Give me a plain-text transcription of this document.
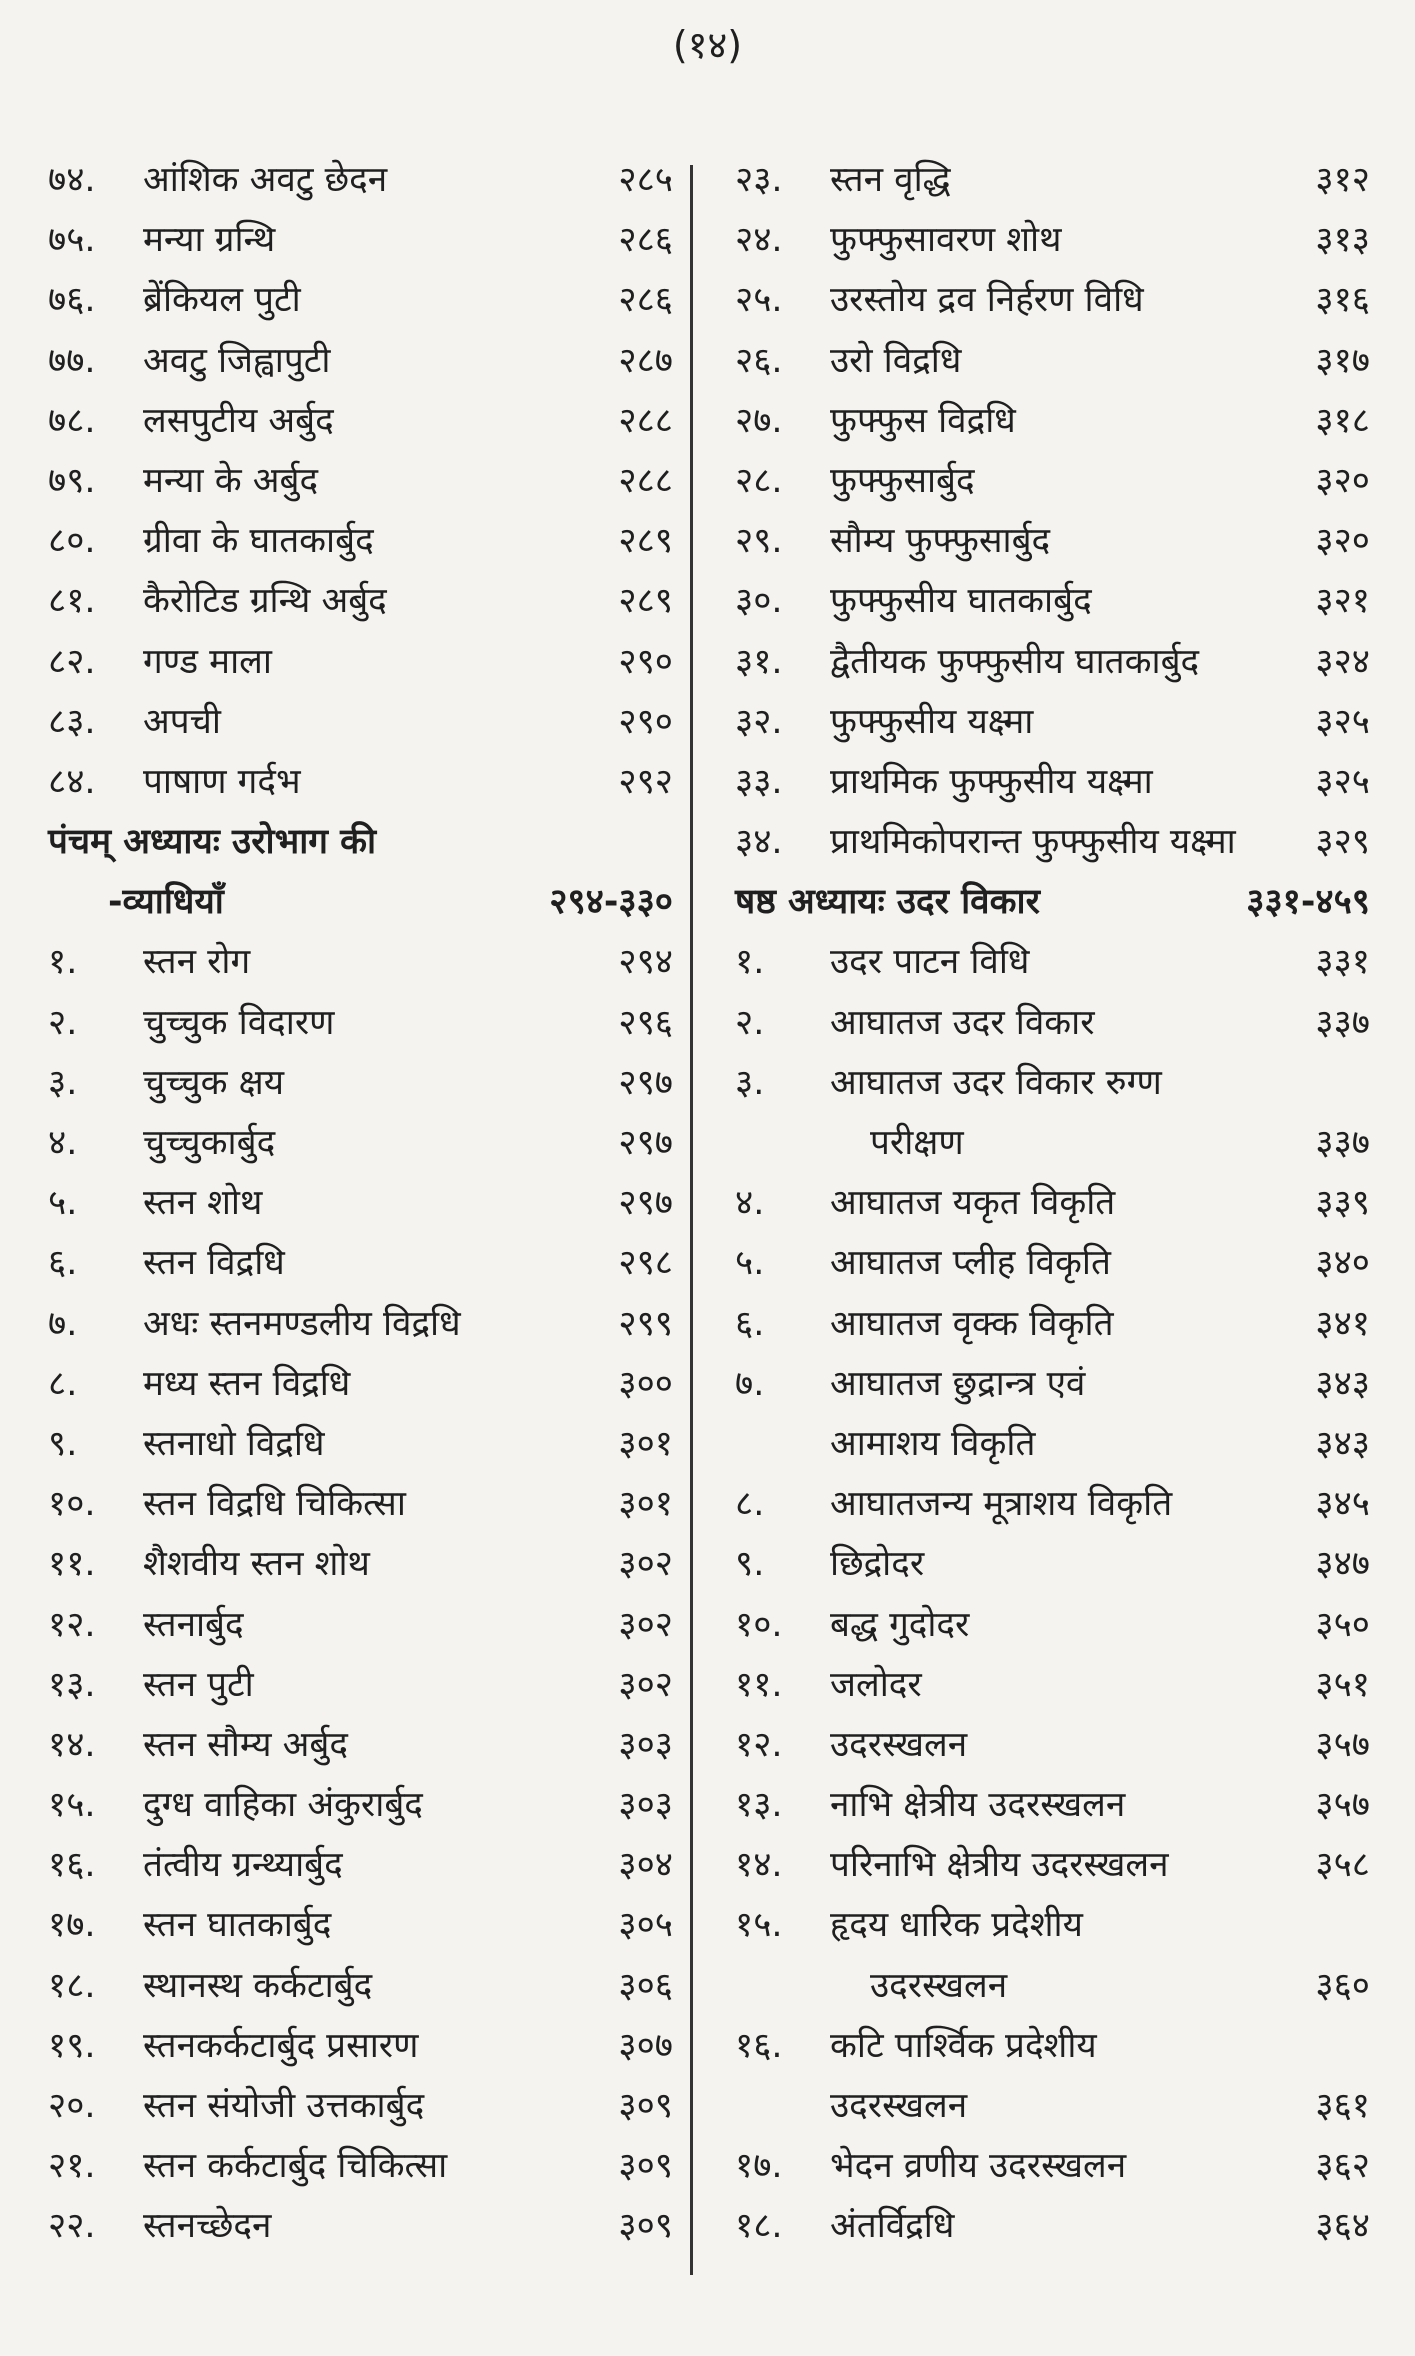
(१४)
७४.	आंशिक अवटु छेदन	२८५
७५.	मन्या ग्रन्थि	२८६
७६.	ब्रेंकियल पुटी	२८६
७७.	अवटु जिह्वापुटी	२८७
७८.	लसपुटीय अर्बुद	२८८
७९.	मन्या के अर्बुद	२८८
८०.	ग्रीवा के घातकार्बुद	२८९
८१.	कैरोटिड ग्रन्थि अर्बुद	२८९
८२.	गण्ड माला	२९०
८३.	अपची	२९०
८४.	पाषाण गर्दभ	२९२
पंचम् अध्यायः उरोभाग की
-व्याधियाँ	२९४-३३०
१.	स्तन रोग	२९४
२.	चुच्चुक विदारण	२९६
३.	चुच्चुक क्षय	२९७
४.	चुच्चुकार्बुद	२९७
५.	स्तन शोथ	२९७
६.	स्तन विद्रधि	२९८
७.	अधः स्तनमण्डलीय विद्रधि	२९९
८.	मध्य स्तन विद्रधि	३००
९.	स्तनाधो विद्रधि	३०१
१०.	स्तन विद्रधि चिकित्सा	३०१
११.	शैशवीय स्तन शोथ	३०२
१२.	स्तनार्बुद	३०२
१३.	स्तन पुटी	३०२
१४.	स्तन सौम्य अर्बुद	३०३
१५.	दुग्ध वाहिका अंकुरार्बुद	३०३
१६.	तंत्वीय ग्रन्थ्यार्बुद	३०४
१७.	स्तन घातकार्बुद	३०५
१८.	स्थानस्थ कर्कटार्बुद	३०६
१९.	स्तनकर्कटार्बुद प्रसारण	३०७
२०.	स्तन संयोजी उत्तकार्बुद	३०९
२१.	स्तन कर्कटार्बुद चिकित्सा	३०९
२२.	स्तनच्छेदन	३०९
२३.	स्तन वृद्धि	३१२
२४.	फुफ्फुसावरण शोथ	३१३
२५.	उरस्तोय द्रव निर्हरण विधि	३१६
२६.	उरो विद्रधि	३१७
२७.	फुफ्फुस विद्रधि	३१८
२८.	फुफ्फुसार्बुद	३२०
२९.	सौम्य फुफ्फुसार्बुद	३२०
३०.	फुफ्फुसीय घातकार्बुद	३२१
३१.	द्वैतीयक फुफ्फुसीय घातकार्बुद	३२४
३२.	फुफ्फुसीय यक्ष्मा	३२५
३३.	प्राथमिक फुफ्फुसीय यक्ष्मा	३२५
३४.	प्राथमिकोपरान्त फुफ्फुसीय यक्ष्मा	३२९
षष्ठ अध्यायः उदर विकार	३३१-४५९
१.	उदर पाटन विधि	३३१
२.	आघातज उदर विकार	३३७
३.	आघातज उदर विकार रुग्ण
परीक्षण	३३७
४.	आघातज यकृत विकृति	३३९
५.	आघातज प्लीह विकृति	३४०
६.	आघातज वृक्क विकृति	३४१
७.	आघातज छुद्रान्त्र एवं	३४३
आमाशय विकृति	३४३
८.	आघातजन्य मूत्राशय विकृति	३४५
९.	छिद्रोदर	३४७
१०.	बद्ध गुदोदर	३५०
११.	जलोदर	३५१
१२.	उदरस्खलन	३५७
१३.	नाभि क्षेत्रीय उदरस्खलन	३५७
१४.	परिनाभि क्षेत्रीय उदरस्खलन	३५८
१५.	हृदय धारिक प्रदेशीय
उदरस्खलन	३६०
१६.	कटि पार्श्विक प्रदेशीय
उदरस्खलन	३६१
१७.	भेदन व्रणीय उदरस्खलन	३६२
१८.	अंतर्विद्रधि	३६४
